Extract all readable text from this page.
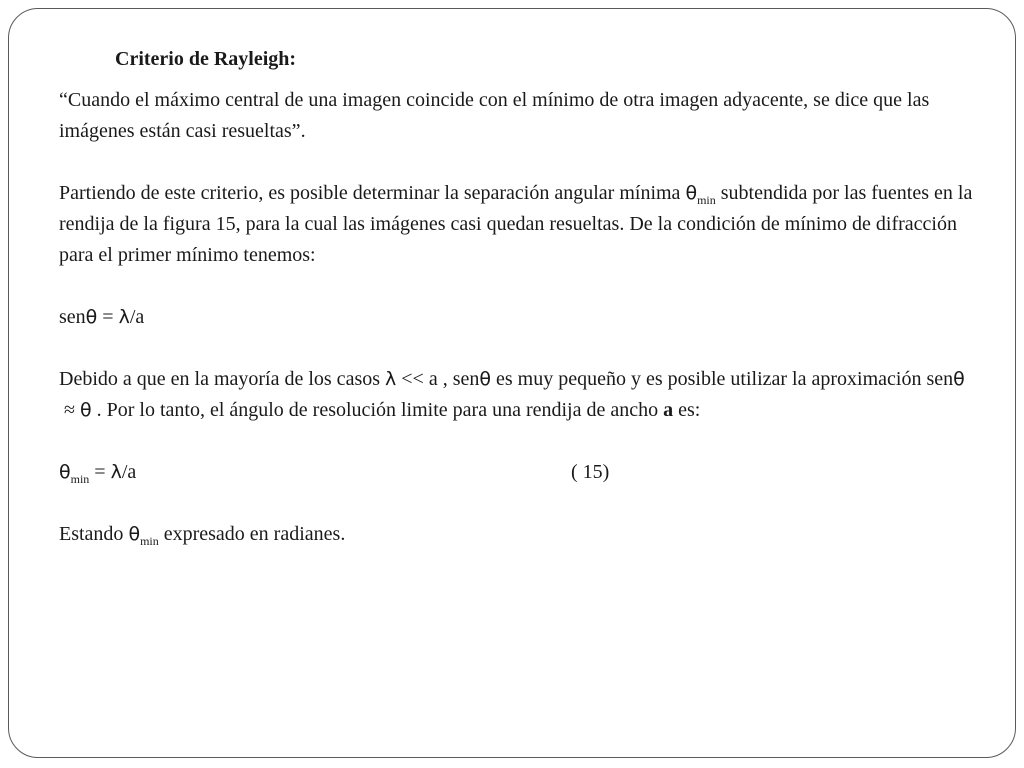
Criterio de Rayleigh:
“Cuando el máximo central de una imagen coincide con el mínimo de otra imagen adyacente, se dice que las imágenes están casi resueltas”.
Partiendo de este criterio, es posible determinar la separación angular mínima $\theta_{min}$ subtendida por las fuentes en la rendija de la figura 15, para la cual las imágenes casi quedan resueltas. De la condición de mínimo de difracción para el primer mínimo tenemos:
senθ = λ/a
Debido a que en la mayoría de los casos λ << a , senθ es muy pequeño y es posible utilizar la aproximación senθ ≈ θ . Por lo tanto, el ángulo de resolución limite para una rendija de ancho a es:
$\theta_{min} = \lambda/a$	( 15)
Estando $\theta_{min}$ expresado en radianes.
